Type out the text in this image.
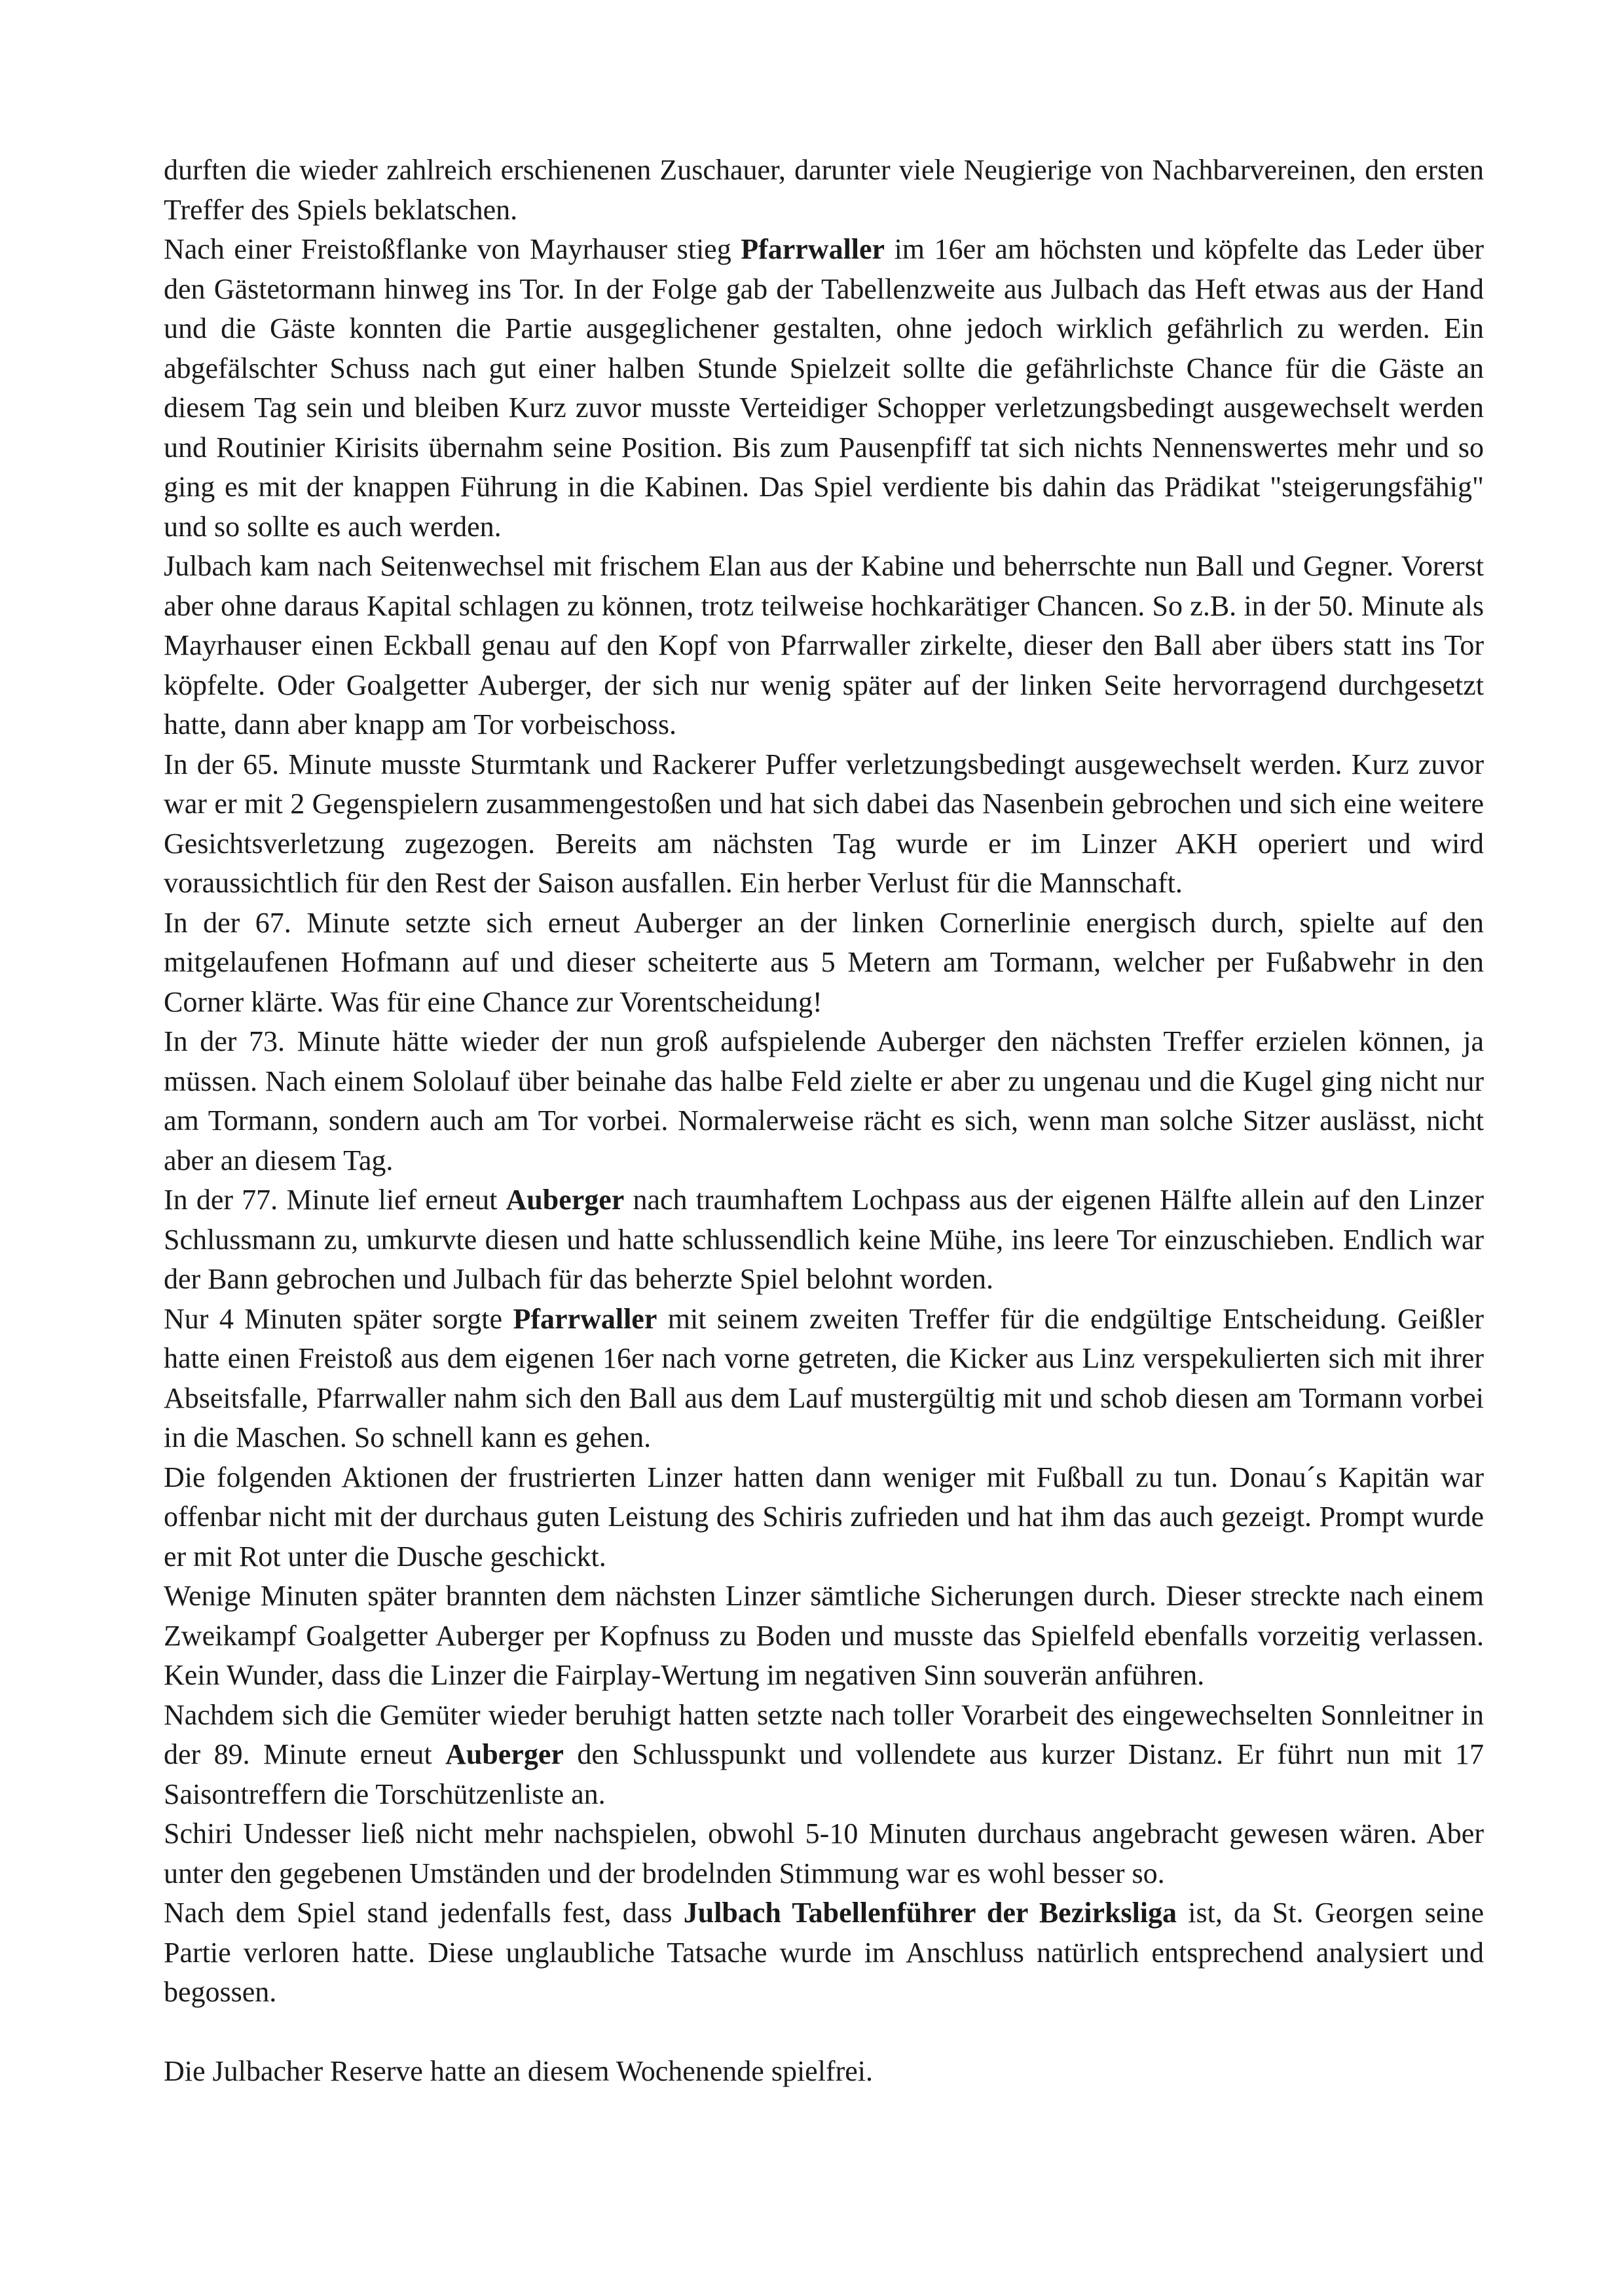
durften die wieder zahlreich erschienenen Zuschauer, darunter viele Neugierige von Nachbarvereinen, den ersten Treffer des Spiels beklatschen.

Nach einer Freistoßflanke von Mayrhauser stieg Pfarrwaller im 16er am höchsten und köpfelte das Leder über den Gästetormann hinweg ins Tor. In der Folge gab der Tabellenzweite aus Julbach das Heft etwas aus der Hand und die Gäste konnten die Partie ausgeglichener gestalten, ohne jedoch wirklich gefährlich zu werden. Ein abgefälschter Schuss nach gut einer halben Stunde Spielzeit sollte die gefährlichste Chance für die Gäste an diesem Tag sein und bleiben Kurz zuvor musste Verteidiger Schopper verletzungsbedingt ausgewechselt werden und Routinier Kirisits übernahm seine Position. Bis zum Pausenpfiff tat sich nichts Nennenswertes mehr und so ging es mit der knappen Führung in die Kabinen. Das Spiel verdiente bis dahin das Prädikat "steigerungsfähig" und so sollte es auch werden.

Julbach kam nach Seitenwechsel mit frischem Elan aus der Kabine und beherrschte nun Ball und Gegner. Vorerst aber ohne daraus Kapital schlagen zu können, trotz teilweise hochkarätiger Chancen. So z.B. in der 50. Minute als Mayrhauser einen Eckball genau auf den Kopf von Pfarrwaller zirkelte, dieser den Ball aber übers statt ins Tor köpfelte. Oder Goalgetter Auberger, der sich nur wenig später auf der linken Seite hervorragend durchgesetzt hatte, dann aber knapp am Tor vorbeischoss.

In der 65. Minute musste Sturmtank und Rackerer Puffer verletzungsbedingt ausgewechselt werden. Kurz zuvor war er mit 2 Gegenspielern zusammengestoßen und hat sich dabei das Nasenbein gebrochen und sich eine weitere Gesichtsverletzung zugezogen. Bereits am nächsten Tag wurde er im Linzer AKH operiert und wird voraussichtlich für den Rest der Saison ausfallen. Ein herber Verlust für die Mannschaft.

In der 67. Minute setzte sich erneut Auberger an der linken Cornerlinie energisch durch, spielte auf den mitgelaufenen Hofmann auf und dieser scheiterte aus 5 Metern am Tormann, welcher per Fußabwehr in den Corner klärte. Was für eine Chance zur Vorentscheidung!

In der 73. Minute hätte wieder der nun groß aufspielende Auberger den nächsten Treffer erzielen können, ja müssen. Nach einem Sololauf über beinahe das halbe Feld zielte er aber zu ungenau und die Kugel ging nicht nur am Tormann, sondern auch am Tor vorbei. Normalerweise rächt es sich, wenn man solche Sitzer auslässt, nicht aber an diesem Tag.

In der 77. Minute lief erneut Auberger nach traumhaftem Lochpass aus der eigenen Hälfte allein auf den Linzer Schlussmann zu, umkurvte diesen und hatte schlussendlich keine Mühe, ins leere Tor einzuschieben. Endlich war der Bann gebrochen und Julbach für das beherzte Spiel belohnt worden.

Nur 4 Minuten später sorgte Pfarrwaller mit seinem zweiten Treffer für die endgültige Entscheidung. Geißler hatte einen Freistoß aus dem eigenen 16er nach vorne getreten, die Kicker aus Linz verspekulierten sich mit ihrer Abseitsfalle, Pfarrwaller nahm sich den Ball aus dem Lauf mustergültig mit und schob diesen am Tormann vorbei in die Maschen. So schnell kann es gehen.

Die folgenden Aktionen der frustrierten Linzer hatten dann weniger mit Fußball zu tun. Donau´s Kapitän war offenbar nicht mit der durchaus guten Leistung des Schiris zufrieden und hat ihm das auch gezeigt. Prompt wurde er mit Rot unter die Dusche geschickt.

Wenige Minuten später brannten dem nächsten Linzer sämtliche Sicherungen durch. Dieser streckte nach einem Zweikampf Goalgetter Auberger per Kopfnuss zu Boden und musste das Spielfeld ebenfalls vorzeitig verlassen. Kein Wunder, dass die Linzer die Fairplay-Wertung im negativen Sinn souverän anführen.

Nachdem sich die Gemüter wieder beruhigt hatten setzte nach toller Vorarbeit des eingewechselten Sonnleitner in der 89. Minute erneut Auberger den Schlusspunkt und vollendete aus kurzer Distanz. Er führt nun mit 17 Saisontreffern die Torschützenliste an.

Schiri Undesser ließ nicht mehr nachspielen, obwohl 5-10 Minuten durchaus angebracht gewesen wären. Aber unter den gegebenen Umständen und der brodelnden Stimmung war es wohl besser so.

Nach dem Spiel stand jedenfalls fest, dass Julbach Tabellenführer der Bezirksliga ist, da St. Georgen seine Partie verloren hatte. Diese unglaubliche Tatsache wurde im Anschluss natürlich entsprechend analysiert und begossen.

Die Julbacher Reserve hatte an diesem Wochenende spielfrei.
